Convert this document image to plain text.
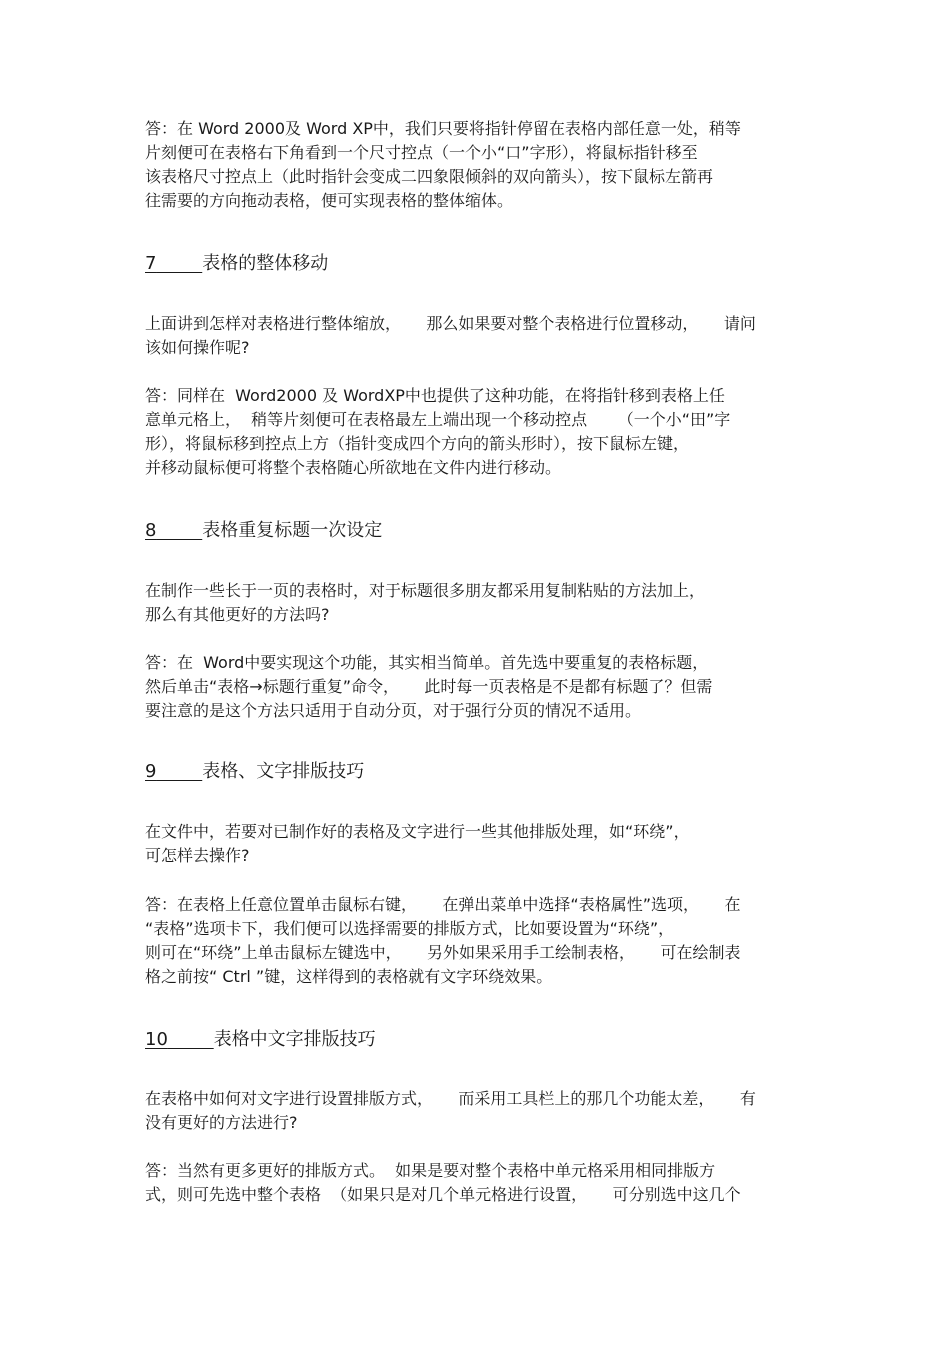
答：在 Word 2000及 Word XP中，我们只要将指针停留在表格内部任意一处，稍等
片刻便可在表格右下角看到一个尺寸控点（一个小“口”字形），将鼠标指针移至
该表格尺寸控点上（此时指针会变成二四象限倾斜的双向箭头），按下鼠标左箭再
往需要的方向拖动表格，便可实现表格的整体缩体。
7	表格的整体移动
上面讲到怎样对表格进行整体缩放，     那么如果要对整个表格进行位置移动，     请问
该如何操作呢?
答：同样在  Word2000 及 WordXP中也提供了这种功能，在将指针移到表格上任
意单元格上，  稍等片刻便可在表格最左上端出现一个移动控点      （一个小“田”字
形），将鼠标移到控点上方（指针变成四个方向的箭头形时），按下鼠标左键，
并移动鼠标便可将整个表格随心所欲地在文件内进行移动。
8	表格重复标题一次设定
在制作一些长于一页的表格时，对于标题很多朋友都采用复制粘贴的方法加上，
那么有其他更好的方法吗?
答：在  Word中要实现这个功能，其实相当简单。首先选中要重复的表格标题，
然后单击“表格→标题行重复”命令，     此时每一页表格是不是都有标题了？但需
要注意的是这个方法只适用于自动分页，对于强行分页的情况不适用。
9	表格、文字排版技巧
在文件中，若要对已制作好的表格及文字进行一些其他排版处理，如“环绕”，
可怎样去操作?
答：在表格上任意位置单击鼠标右键，     在弹出菜单中选择“表格属性”选项，     在
“表格”选项卡下，我们便可以选择需要的排版方式，比如要设置为“环绕”，
则可在“环绕”上单击鼠标左键选中，     另外如果采用手工绘制表格，     可在绘制表
格之前按“ Ctrl ”键，这样得到的表格就有文字环绕效果。
10	表格中文字排版技巧
在表格中如何对文字进行设置排版方式，     而采用工具栏上的那几个功能太差，     有
没有更好的方法进行?
答：当然有更多更好的排版方式。  如果是要对整个表格中单元格采用相同排版方
式，则可先选中整个表格  （如果只是对几个单元格进行设置，     可分别选中这几个
